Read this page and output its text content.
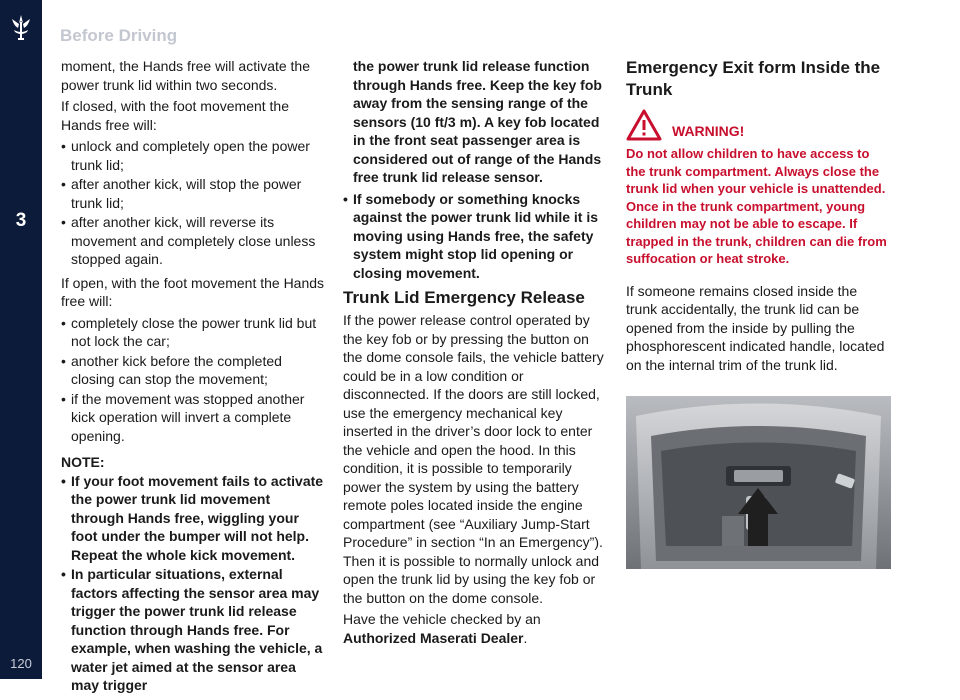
3
120
Before Driving

moment, the Hands free will activate the power trunk lid within two seconds.

If closed, with the foot movement the Hands free will:

• unlock and completely open the power trunk lid;
• after another kick, will stop the power trunk lid;
• after another kick, will reverse its movement and completely close unless stopped again.

If open, with the foot movement the Hands free will:

• completely close the power trunk lid but not lock the car;
• another kick before the completed closing can stop the movement;
• if the movement was stopped another kick operation will invert a complete opening.
NOTE:
• If your foot movement fails to activate the power trunk lid movement through Hands free, wiggling your foot under the bumper will not help. Repeat the whole kick movement.
• In particular situations, external factors affecting the sensor area may trigger the power trunk lid release function through Hands free. For example, when washing the vehicle, a water jet aimed at the sensor area may trigger

the power trunk lid release function through Hands free. Keep the key fob away from the sensing range of the sensors (10 ft/3 m). A key fob located in the front seat passenger area is considered out of range of the Hands free trunk lid release sensor.

• If somebody or something knocks against the power trunk lid while it is moving using Hands free, the safety system might stop lid opening or closing movement.
Trunk Lid Emergency Release

If the power release control operated by the key fob or by pressing the button on the dome console fails, the vehicle battery could be in a low condition or disconnected. If the doors are still locked, use the emergency mechanical key inserted in the driver’s door lock to enter the vehicle and open the hood. In this condition, it is possible to temporarily power the system by using the battery remote poles located inside the engine compartment (see “Auxiliary Jump-Start Procedure” in section “In an Emergency”). Then it is possible to normally unlock and open the trunk lid by using the key fob or the button on the dome console.

Have the vehicle checked by an
Authorized Maserati Dealer.

Emergency Exit form Inside the Trunk
WARNING!
Do not allow children to have access to the trunk compartment. Always close the trunk lid when your vehicle is unattended. Once in the trunk compartment, young children may not be able to escape. If trapped in the trunk, children can die from suffocation or heat stroke.

If someone remains closed inside the trunk accidentally, the trunk lid can be opened from the inside by pulling the phosphorescent indicated handle, located on the internal trim of the trunk lid.
